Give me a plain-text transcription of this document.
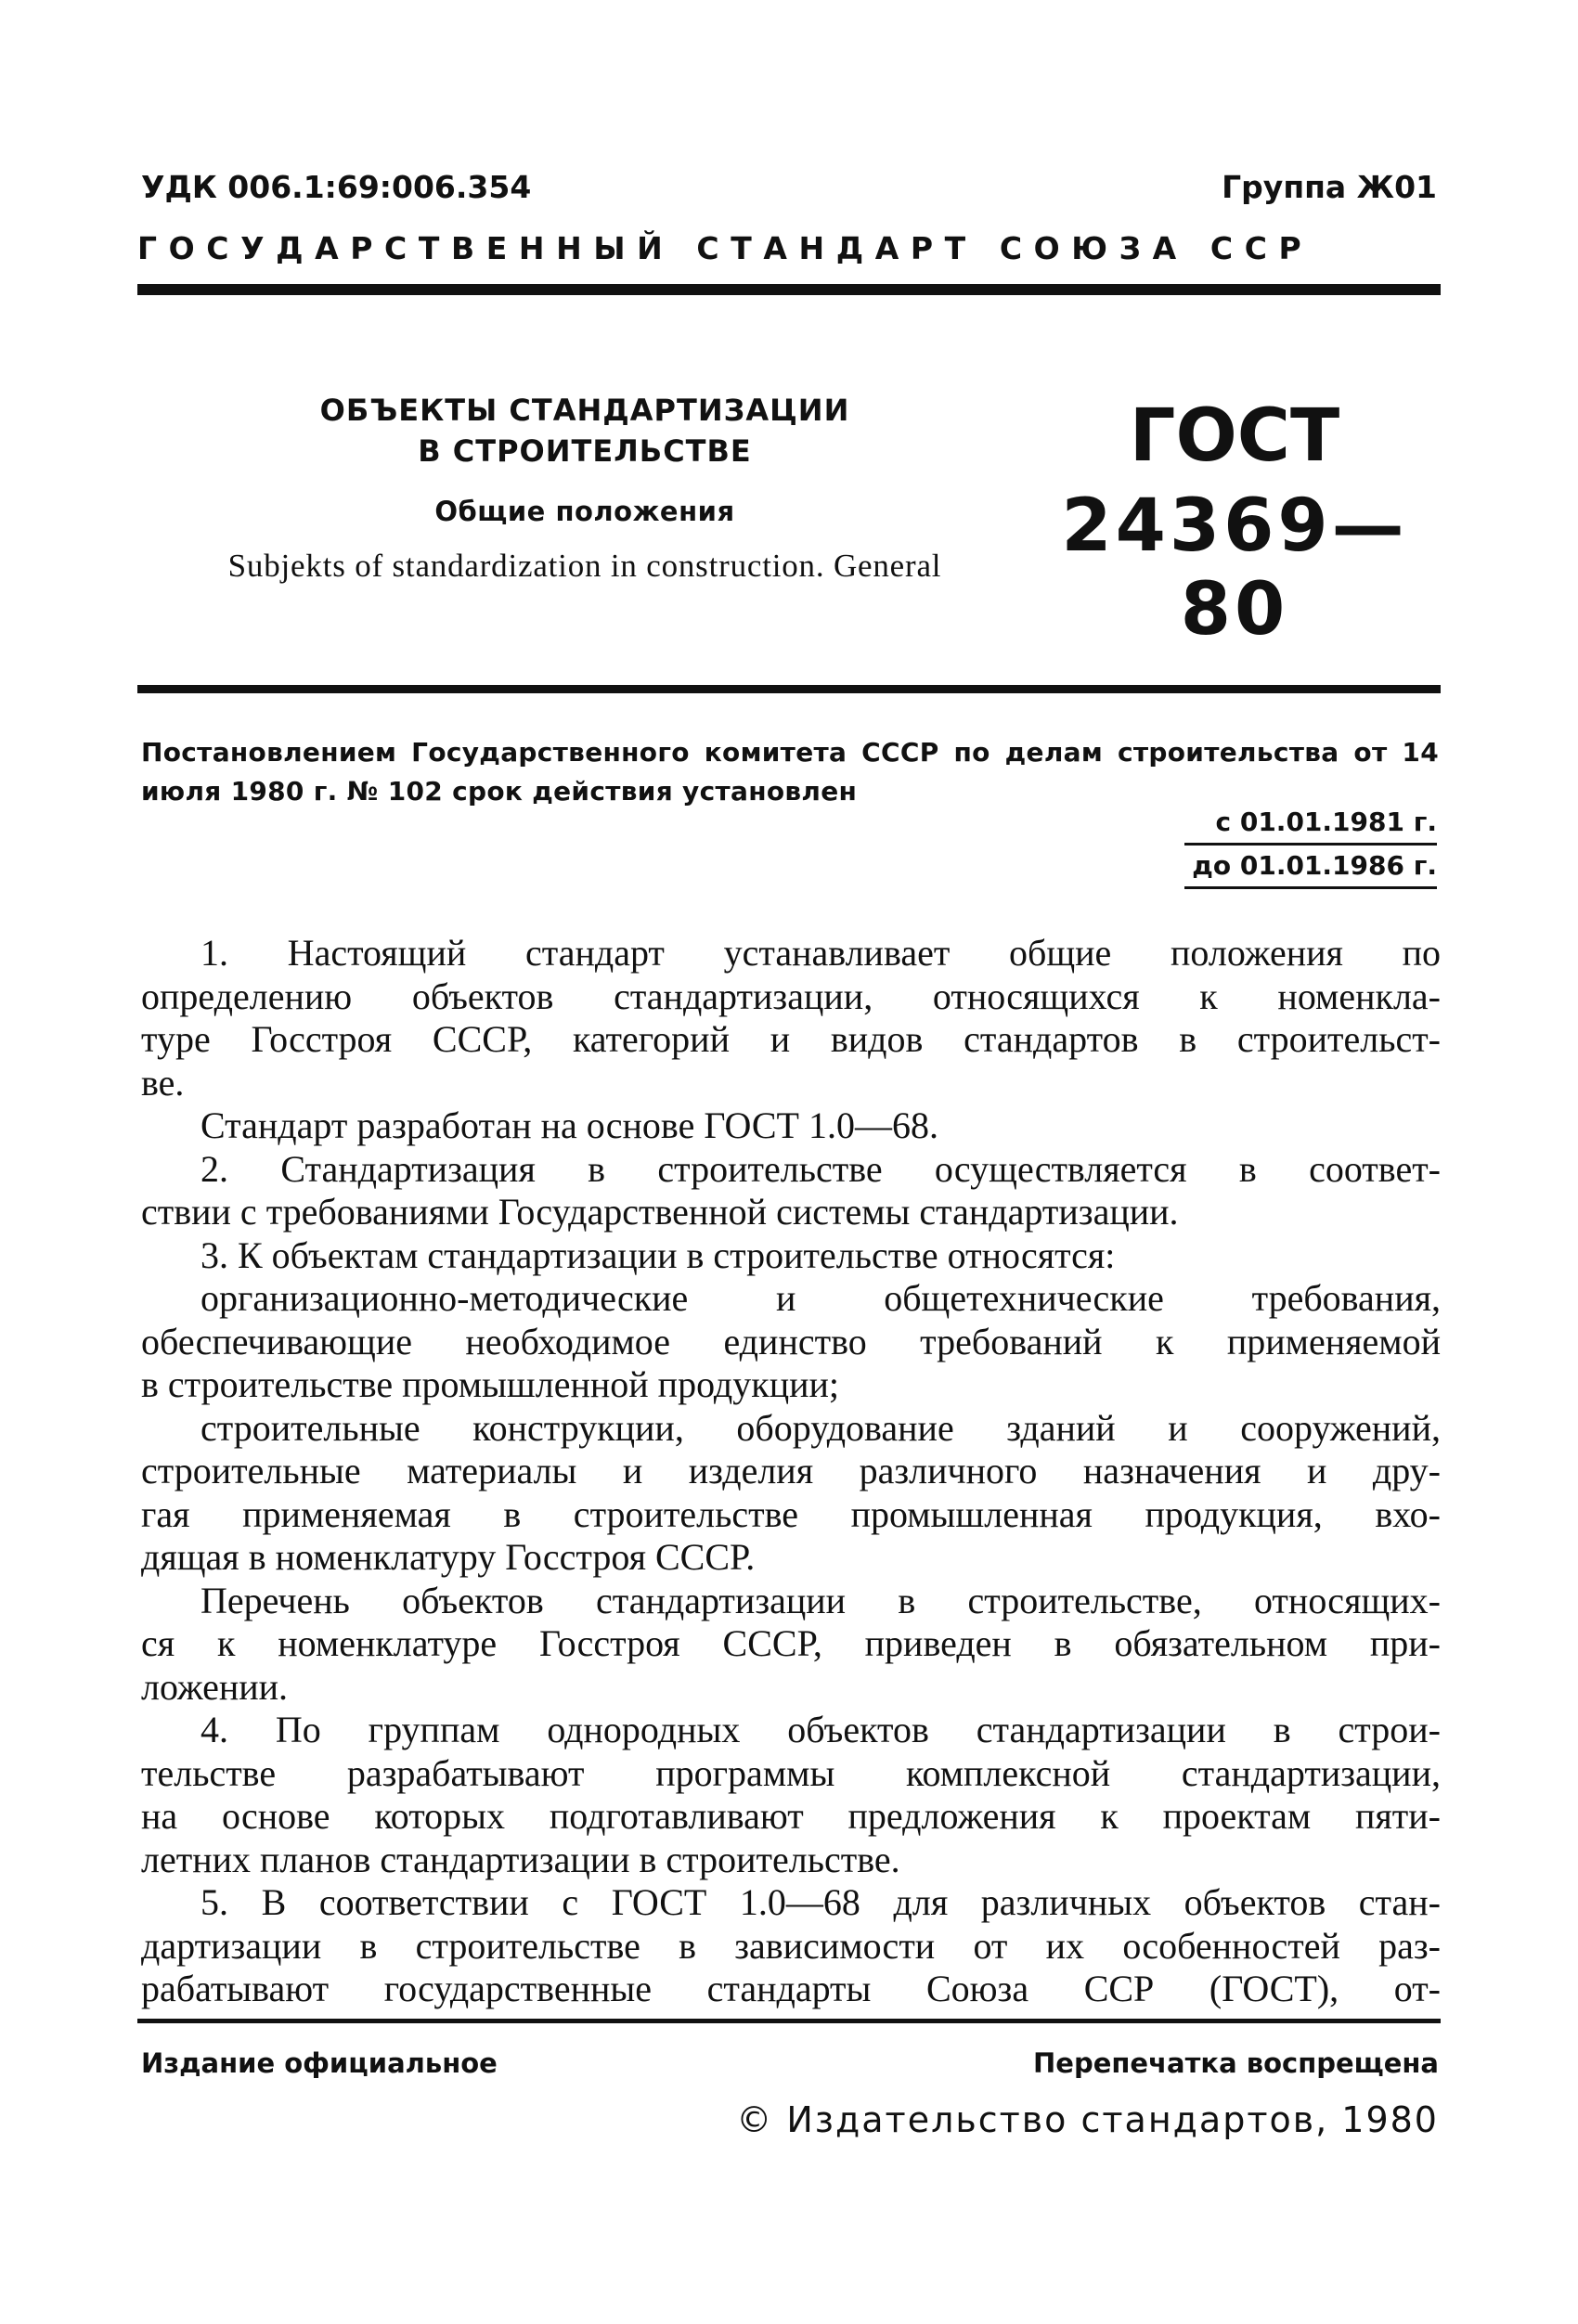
УДК 006.1:69:006.354	Группа Ж01
ГОСУДАРСТВЕННЫЙ СТАНДАРТ СОЮЗА ССР
ОБЪЕКТЫ СТАНДАРТИЗАЦИИ
В СТРОИТЕЛЬСТВЕ
Общие положения
Subjekts of standardization in construction. General
ГОСТ
24369—80
Постановлением Государственного комитета СССР по делам строительства от 14 июля 1980 г. № 102 срок действия установлен
с 01.01.1981 г.
до 01.01.1986 г.

1. Настоящий стандарт устанавливает общие положения по

определению объектов стандартизации, относящихся к номенкла-

туре Госстроя СССР, категорий и видов стандартов в строительст-

ве.

Стандарт разработан на основе ГОСТ 1.0—68.

2. Стандартизация в строительстве осуществляется в соответ-

ствии с требованиями Государственной системы стандартизации.

3. К объектам стандартизации в строительстве относятся:

организационно-методические и общетехнические требования,

обеспечивающие необходимое единство требований к применяемой

в строительстве промышленной продукции;

строительные конструкции, оборудование зданий и сооружений,

строительные материалы и изделия различного назначения и дру-

гая применяемая в строительстве промышленная продукция, вхо-

дящая в номенклатуру Госстроя СССР.

Перечень объектов стандартизации в строительстве, относящих-

ся к номенклатуре Госстроя СССР, приведен в обязательном при-

ложении.

4. По группам однородных объектов стандартизации в строи-

тельстве разрабатывают программы комплексной стандартизации,

на основе которых подготавливают предложения к проектам пяти-

летних планов стандартизации в строительстве.

5. В соответствии с ГОСТ 1.0—68 для различных объектов стан-

дартизации в строительстве в зависимости от их особенностей раз-

рабатывают государственные стандарты Союза ССР (ГОСТ), от-

Издание официальное	Перепечатка воспрещена
© Издательство стандартов, 1980
